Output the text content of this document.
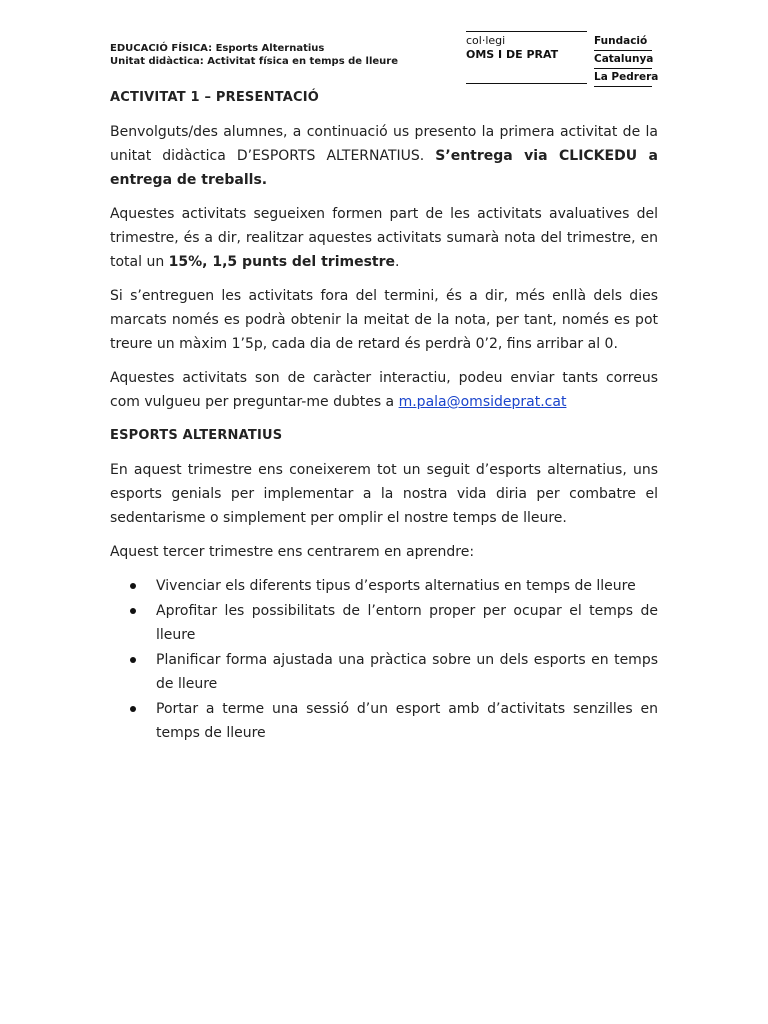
EDUCACIÓ FÍSICA: Esports Alternatius
Unitat didàctica: Activitat física en temps de lleure
col·legi
OMS I DE PRAT
Fundació
Catalunya
La Pedrera

ACTIVITAT 1 – PRESENTACIÓ

Benvolguts/des alumnes, a continuació us presento la primera activitat de la unitat didàctica D’ESPORTS ALTERNATIUS. S’entrega via CLICKEDU a entrega de treballs.

Aquestes activitats segueixen formen part de les activitats avaluatives del trimestre, és a dir, realitzar aquestes activitats sumarà nota del trimestre, en total un 15%, 1,5 punts del trimestre.

Si s’entreguen les activitats fora del termini, és a dir, més enllà dels dies marcats només es podrà obtenir la meitat de la nota, per tant, només es pot treure un màxim 1’5p, cada dia de retard és perdrà 0’2, fins arribar al 0.

Aquestes activitats son de caràcter interactiu, podeu enviar tants correus com vulgueu per preguntar-me dubtes a m.pala@omsideprat.cat

ESPORTS ALTERNATIUS

En aquest trimestre ens coneixerem tot un seguit d’esports alternatius, uns esports genials per implementar a la nostra vida diria per combatre el sedentarisme o simplement per omplir el nostre temps de lleure.

Aquest tercer trimestre ens centrarem en aprendre:

Vivenciar els diferents tipus d’esports alternatius en temps de lleure
Aprofitar les possibilitats de l’entorn proper per ocupar el temps de lleure
Planificar forma ajustada una pràctica sobre un dels esports en temps de lleure
Portar a terme una sessió d’un esport amb d’activitats senzilles en temps de lleure
